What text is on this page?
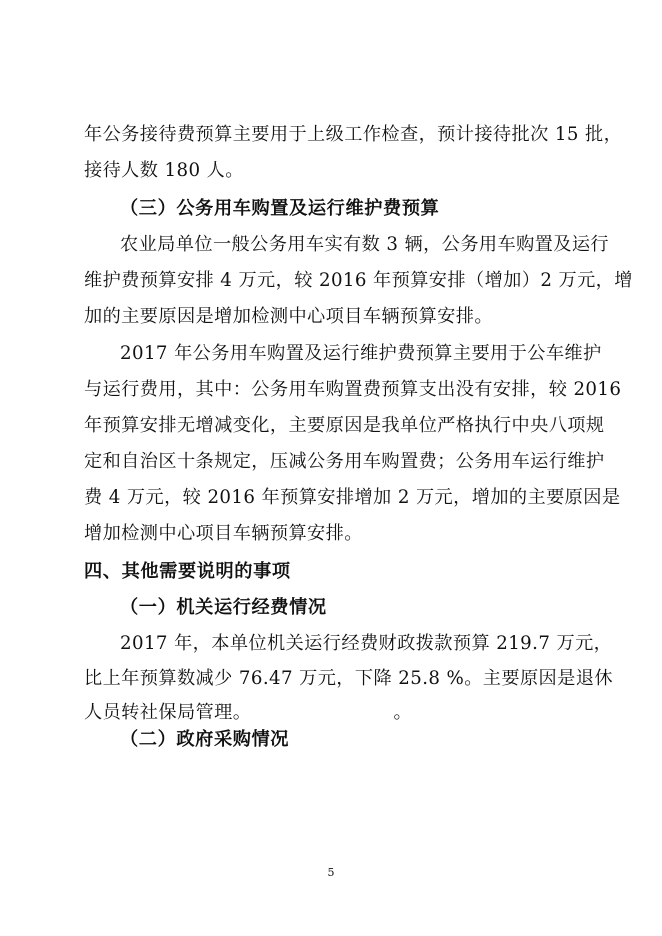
年公务接待费预算主要用于上级工作检查，预计接待批次 15 批，
接待人数 180 人。
（三）公务用车购置及运行维护费预算
农业局单位一般公务用车实有数 3 辆，公务用车购置及运行
维护费预算安排 4 万元，较 2016 年预算安排（增加）2 万元，增
加的主要原因是增加检测中心项目车辆预算安排。
2017 年公务用车购置及运行维护费预算主要用于公车维护
与运行费用，其中：公务用车购置费预算支出没有安排，较 2016
年预算安排无增减变化，主要原因是我单位严格执行中央八项规
定和自治区十条规定，压减公务用车购置费；公务用车运行维护
费 4 万元，较 2016 年预算安排增加 2 万元，增加的主要原因是
增加检测中心项目车辆预算安排。
四、其他需要说明的事项
（一）机关运行经费情况
2017 年，本单位机关运行经费财政拨款预算 219.7 万元，
比上年预算数减少 76.47 万元，下降 25.8 %。主要原因是退休
人员转社保局管理。                       。
（二）政府采购情况
5
